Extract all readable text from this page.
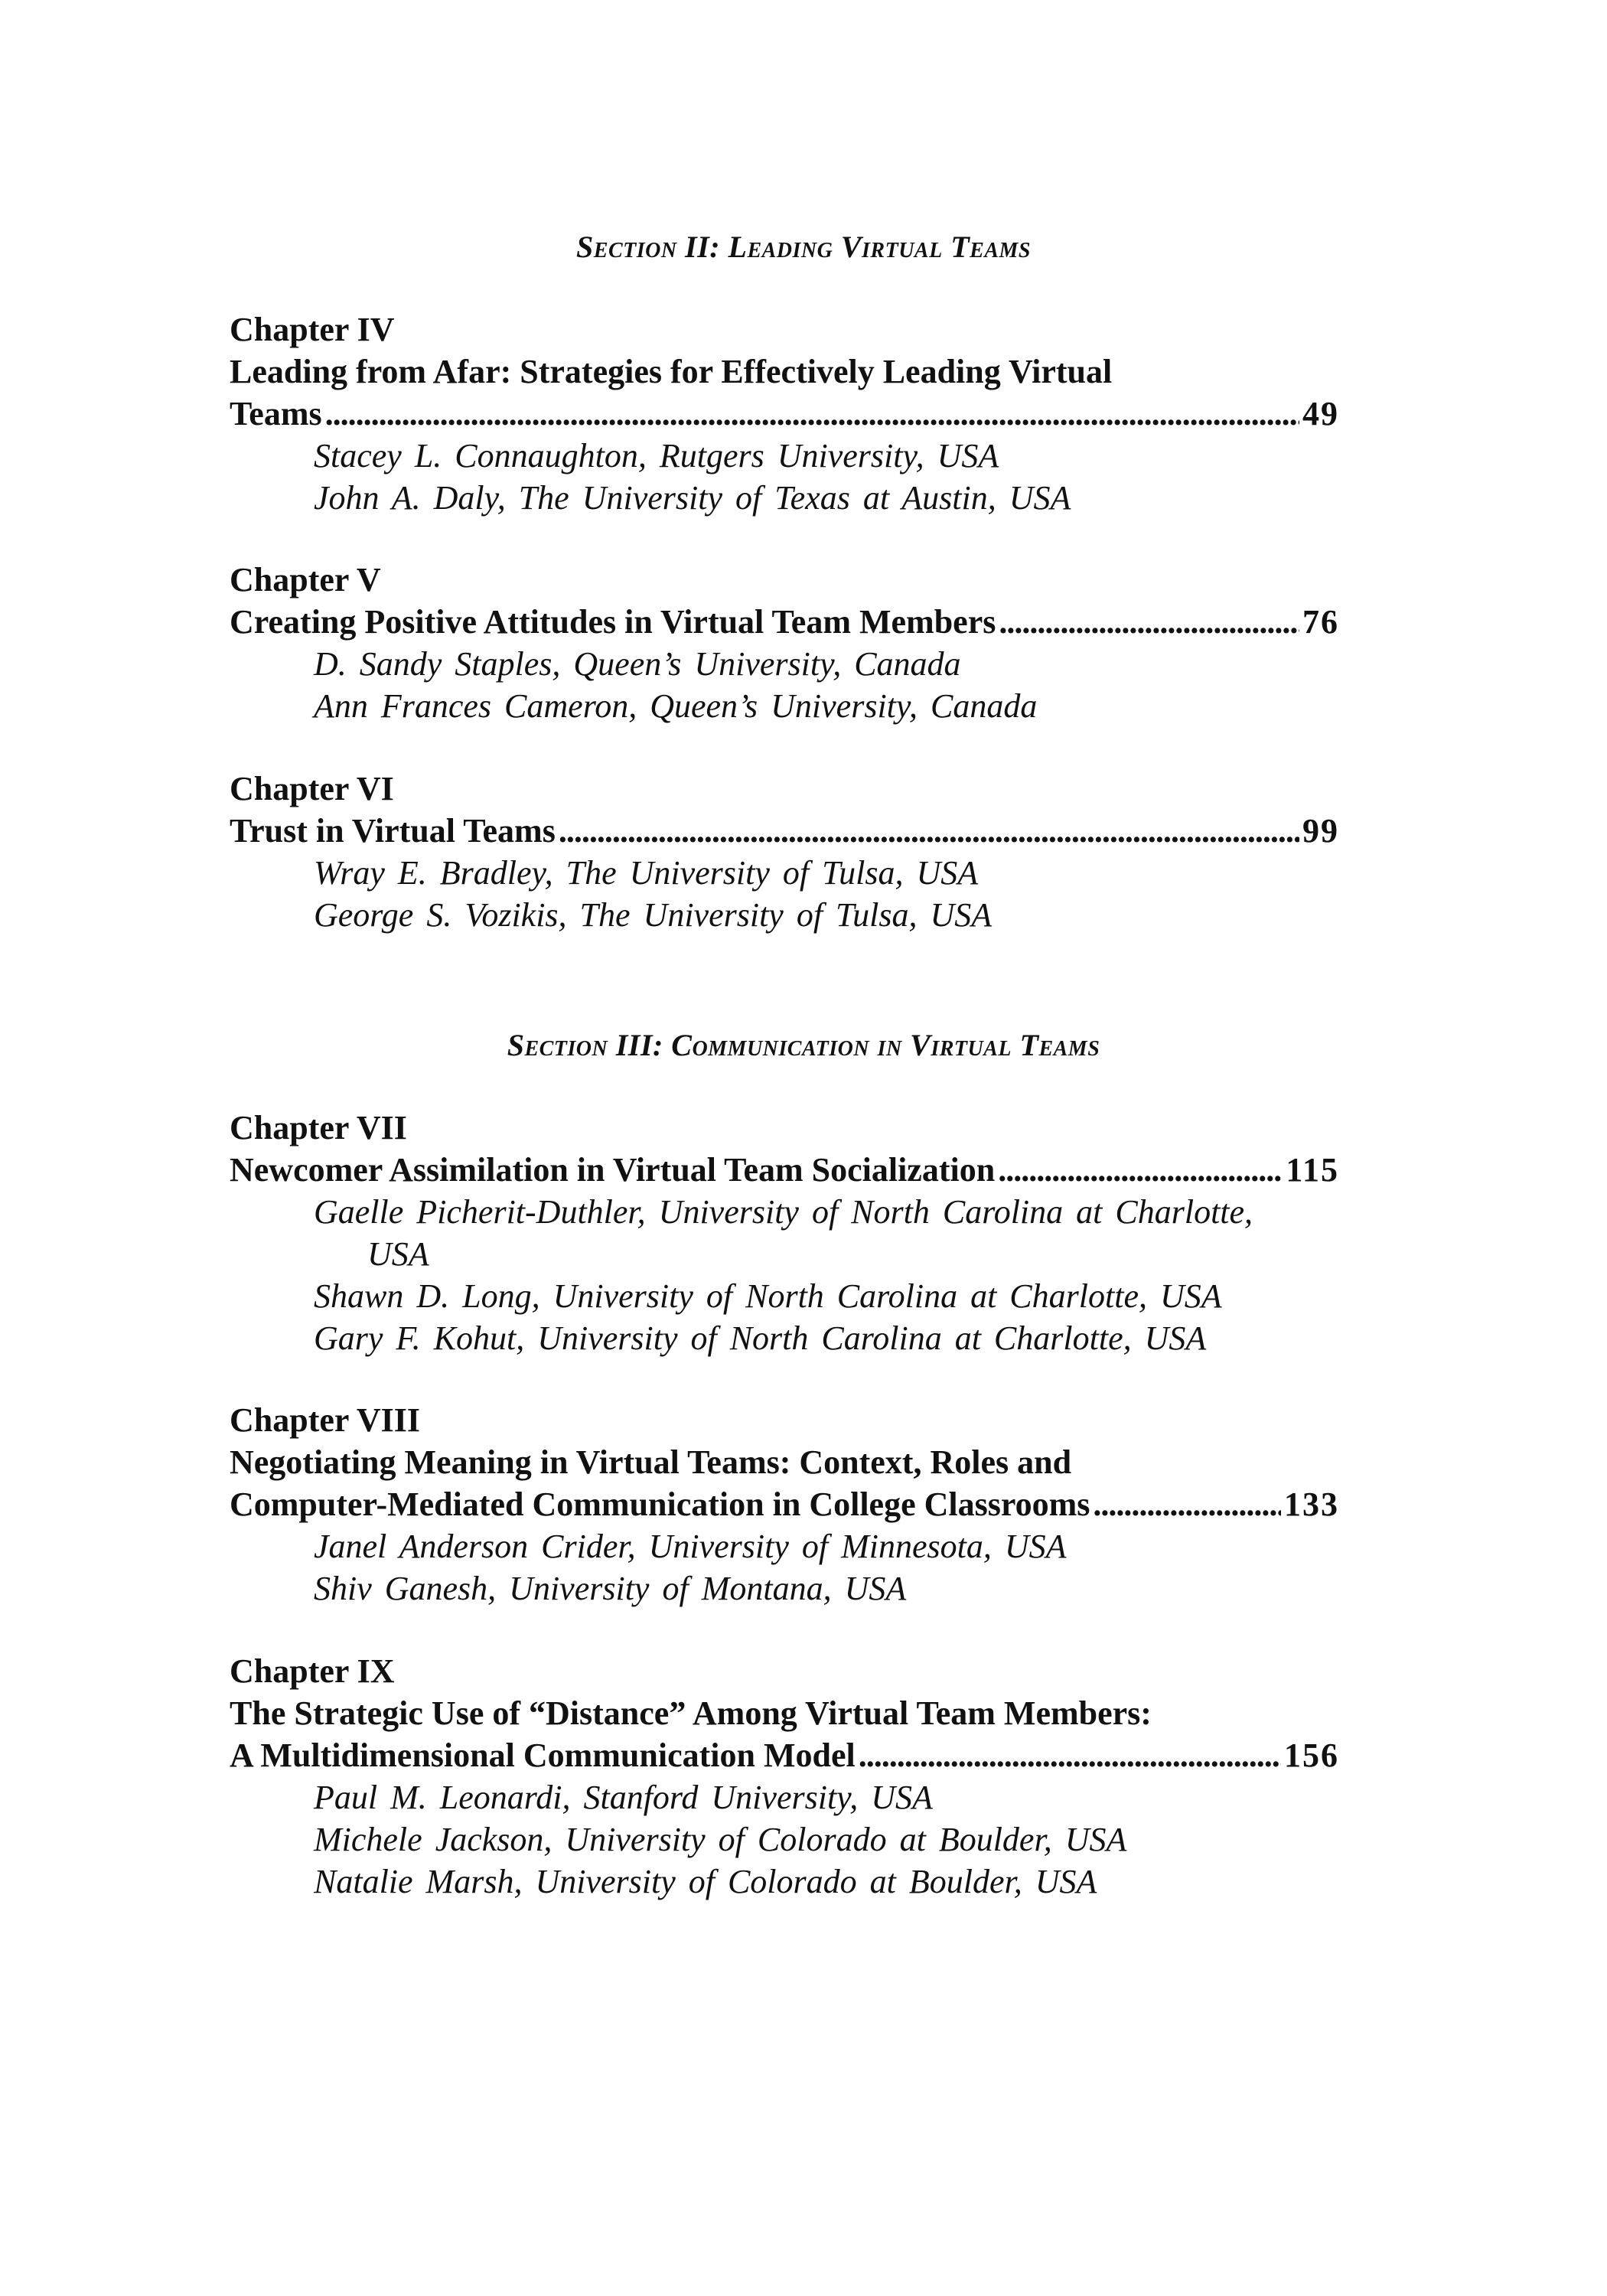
Section II: Leading Virtual Teams
Chapter IV
Leading from Afar: Strategies for Effectively Leading Virtual
Teams . . .	49
Stacey L. Connaughton, Rutgers University, USA
John A. Daly, The University of Texas at Austin, USA
Chapter V
Creating Positive Attitudes in Virtual Team Members . . .	76
D. Sandy Staples, Queen’s University, Canada
Ann Frances Cameron, Queen’s University, Canada
Chapter VI
Trust in Virtual Teams . . .	99
Wray E. Bradley, The University of Tulsa, USA
George S. Vozikis, The University of Tulsa, USA
Section III: Communication in Virtual Teams
Chapter VII
Newcomer Assimilation in Virtual Team Socialization . . .	115
Gaelle Picherit-Duthler, University of North Carolina at Charlotte,
USA
Shawn D. Long, University of North Carolina at Charlotte, USA
Gary F. Kohut, University of North Carolina at Charlotte, USA
Chapter VIII
Negotiating Meaning in Virtual Teams: Context, Roles and
Computer-Mediated Communication in College Classrooms . . .	133
Janel Anderson Crider, University of Minnesota, USA
Shiv Ganesh, University of Montana, USA
Chapter IX
The Strategic Use of “Distance” Among Virtual Team Members:
A Multidimensional Communication Model . . .	156
Paul M. Leonardi, Stanford University, USA
Michele Jackson, University of Colorado at Boulder, USA
Natalie Marsh, University of Colorado at Boulder, USA
